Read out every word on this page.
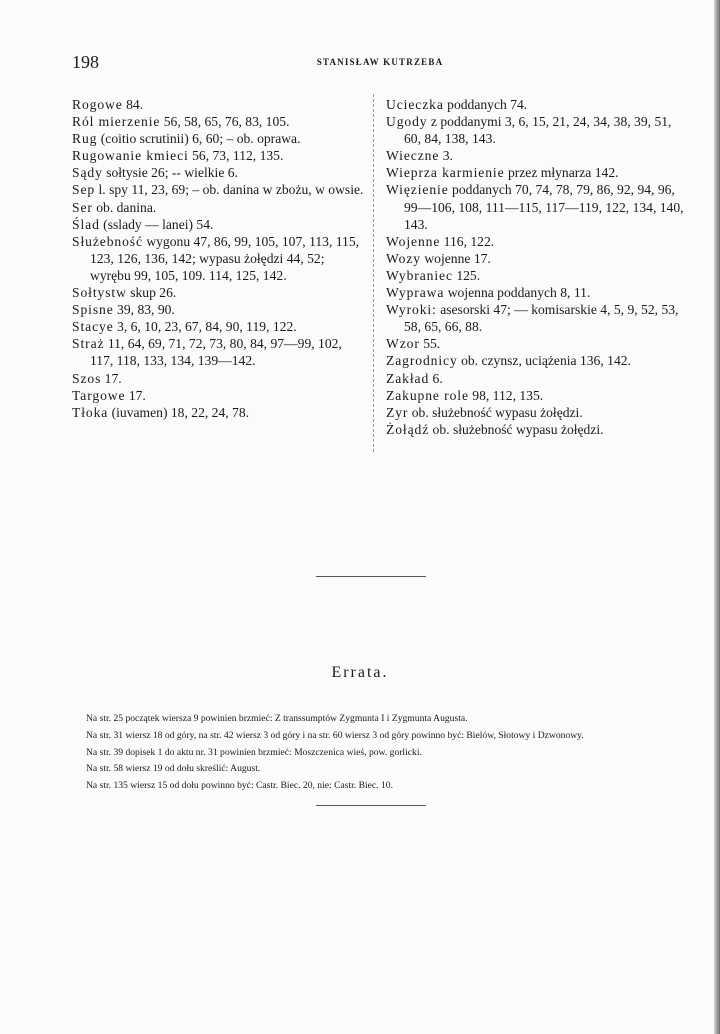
198	STANISŁAW KUTRZEBA
Rogowe 84.
Ról mierzenie 56, 58, 65, 76, 83, 105.
Rug (coitio scrutinii) 6, 60; – ob. oprawa.
Rugowanie kmieci 56, 73, 112, 135.
Sądy sołtysie 26; -- wielkie 6.
Sep l. spy 11, 23, 69; – ob. danina w zbożu, w owsie.
Ser ob. danina.
Ślad (sslady — lanei) 54.
Służebność wygonu 47, 86, 99, 105, 107, 113, 115, 123, 126, 136, 142; wypasu żołędzi 44, 52; wyrębu 99, 105, 109. 114, 125, 142.
Sołtystw skup 26.
Spisne 39, 83, 90.
Stacye 3, 6, 10, 23, 67, 84, 90, 119, 122.
Straż 11, 64, 69, 71, 72, 73, 80, 84, 97—99, 102, 117, 118, 133, 134, 139—142.
Szos 17.
Targowe 17.
Tłoka (iuvamen) 18, 22, 24, 78.
Ucieczka poddanych 74.
Ugody z poddanymi 3, 6, 15, 21, 24, 34, 38, 39, 51, 60, 84, 138, 143.
Wieczne 3.
Wieprza karmienie przez młynarza 142.
Więzienie poddanych 70, 74, 78, 79, 86, 92, 94, 96, 99—106, 108, 111—115, 117—119, 122, 134, 140, 143.
Wojenne 116, 122.
Wozy wojenne 17.
Wybraniec 125.
Wyprawa wojenna poddanych 8, 11.
Wyroki: asesorski 47; — komisarskie 4, 5, 9, 52, 53, 58, 65, 66, 88.
Wzor 55.
Zagrodnicy ob. czynsz, uciążenia 136, 142.
Zakład 6.
Zakupne role 98, 112, 135.
Zyr ob. służebność wypasu żołędzi.
Żołądź ob. służebność wypasu żołędzi.
Errata.
Na str. 25 początek wiersza 9 powinien brzmieć: Z transsumptów Zygmunta I i Zygmunta Augusta.
Na str. 31 wiersz 18 od góry, na str. 42 wiersz 3 od góry i na str. 60 wiersz 3 od góry powinno być: Bielów, Słotowy i Dzwonowy.
Na str. 39 dopisek 1 do aktu nr. 31 powinien brzmieć: Moszczenica wieś, pow. gorlicki.
Na str. 58 wiersz 19 od dołu skreślić: August.
Na str. 135 wiersz 15 od dołu powinno być: Castr. Biec. 20, nie: Castr. Biec. 10.
